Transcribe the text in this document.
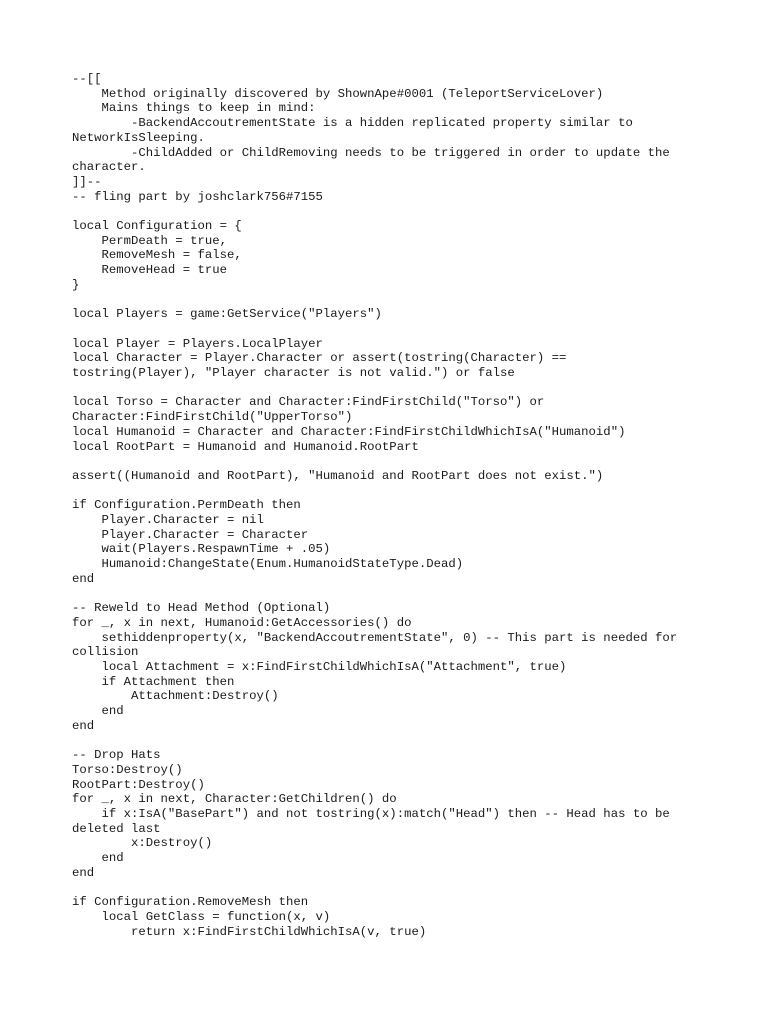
--[[
Method originally discovered by ShownApe#0001 (TeleportServiceLover)
Mains things to keep in mind:
-BackendAccoutrementState is a hidden replicated property similar to
NetworkIsSleeping.
-ChildAdded or ChildRemoving needs to be triggered in order to update the
character.
]]--
-- fling part by joshclark756#7155
local Configuration = {
PermDeath = true,
RemoveMesh = false,
RemoveHead = true
}
local Players = game:GetService("Players")
local Player = Players.LocalPlayer
local Character = Player.Character or assert(tostring(Character) ==
tostring(Player), "Player character is not valid.") or false
local Torso = Character and Character:FindFirstChild("Torso") or
Character:FindFirstChild("UpperTorso")
local Humanoid = Character and Character:FindFirstChildWhichIsA("Humanoid")
local RootPart = Humanoid and Humanoid.RootPart
assert((Humanoid and RootPart), "Humanoid and RootPart does not exist.")
if Configuration.PermDeath then
Player.Character = nil
Player.Character = Character
wait(Players.RespawnTime + .05)
Humanoid:ChangeState(Enum.HumanoidStateType.Dead)
end
-- Reweld to Head Method (Optional)
for _, x in next, Humanoid:GetAccessories() do
sethiddenproperty(x, "BackendAccoutrementState", 0) -- This part is needed for
collision
local Attachment = x:FindFirstChildWhichIsA("Attachment", true)
if Attachment then
Attachment:Destroy()
end
end
-- Drop Hats
Torso:Destroy()
RootPart:Destroy()
for _, x in next, Character:GetChildren() do
if x:IsA("BasePart") and not tostring(x):match("Head") then -- Head has to be
deleted last
x:Destroy()
end
end
if Configuration.RemoveMesh then
local GetClass = function(x, v)
return x:FindFirstChildWhichIsA(v, true)
